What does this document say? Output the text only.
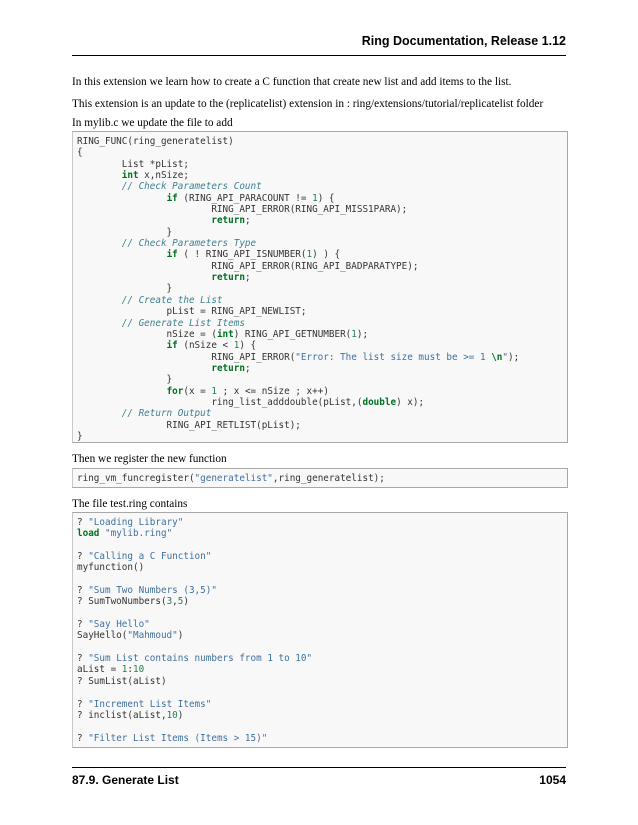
Ring Documentation, Release 1.12
In this extension we learn how to create a C function that create new list and add items to the list.
This extension is an update to the (replicatelist) extension in : ring/extensions/tutorial/replicatelist folder
In mylib.c we update the file to add
RING_FUNC(ring_generatelist)
{
List *pList;
int x,nSize;
// Check Parameters Count
if (RING_API_PARACOUNT != 1) {
RING_API_ERROR(RING_API_MISS1PARA);
return;
}
// Check Parameters Type
if ( ! RING_API_ISNUMBER(1) ) {
RING_API_ERROR(RING_API_BADPARATYPE);
return;
}
// Create the List
pList = RING_API_NEWLIST;
// Generate List Items
nSize = (int) RING_API_GETNUMBER(1);
if (nSize < 1) {
RING_API_ERROR("Error: The list size must be >= 1 \n");
return;
}
for(x = 1 ; x <= nSize ; x++)
ring_list_adddouble(pList,(double) x);
// Return Output
RING_API_RETLIST(pList);
}
Then we register the new function
ring_vm_funcregister("generatelist",ring_generatelist);
The file test.ring contains
? "Loading Library"
load "mylib.ring"
? "Calling a C Function"
myfunction()
? "Sum Two Numbers (3,5)"
? SumTwoNumbers(3,5)
? "Say Hello"
SayHello("Mahmoud")
? "Sum List contains numbers from 1 to 10"
aList = 1:10
? SumList(aList)
? "Increment List Items"
? inclist(aList,10)
? "Filter List Items (Items > 15)"
87.9. Generate List	1054
